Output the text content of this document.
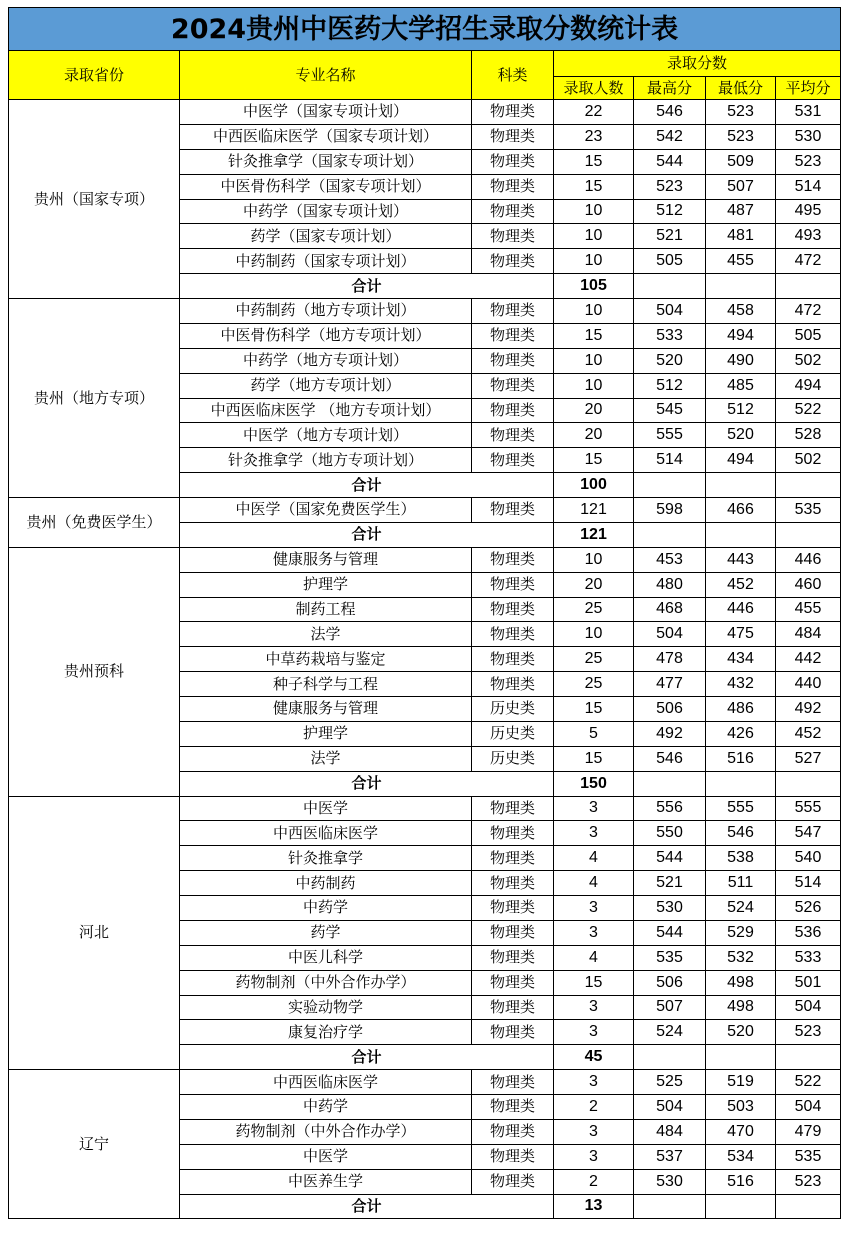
2024贵州中医药大学招生录取分数统计表						
录取省份	专业名称	科类	录取分数			
			录取人数	最高分	最低分	平均分
贵州（国家专项）	中医学（国家专项计划）	物理类	22	546	523	531
	中西医临床医学（国家专项计划）	物理类	23	542	523	530
	针灸推拿学（国家专项计划）	物理类	15	544	509	523
	中医骨伤科学（国家专项计划）	物理类	15	523	507	514
	中药学（国家专项计划）	物理类	10	512	487	495
	药学（国家专项计划）	物理类	10	521	481	493
	中药制药（国家专项计划）	物理类	10	505	455	472
	合计		105			
贵州（地方专项）	中药制药（地方专项计划）	物理类	10	504	458	472
	中医骨伤科学（地方专项计划）	物理类	15	533	494	505
	中药学（地方专项计划）	物理类	10	520	490	502
	药学（地方专项计划）	物理类	10	512	485	494
	中西医临床医学 （地方专项计划）	物理类	20	545	512	522
	中医学（地方专项计划）	物理类	20	555	520	528
	针灸推拿学（地方专项计划）	物理类	15	514	494	502
	合计		100			
贵州（免费医学生）	中医学（国家免费医学生）	物理类	121	598	466	535
	合计		121			
贵州预科	健康服务与管理	物理类	10	453	443	446
	护理学	物理类	20	480	452	460
	制药工程	物理类	25	468	446	455
	法学	物理类	10	504	475	484
	中草药栽培与鉴定	物理类	25	478	434	442
	种子科学与工程	物理类	25	477	432	440
	健康服务与管理	历史类	15	506	486	492
	护理学	历史类	5	492	426	452
	法学	历史类	15	546	516	527
	合计		150			
河北	中医学	物理类	3	556	555	555
	中西医临床医学	物理类	3	550	546	547
	针灸推拿学	物理类	4	544	538	540
	中药制药	物理类	4	521	511	514
	中药学	物理类	3	530	524	526
	药学	物理类	3	544	529	536
	中医儿科学	物理类	4	535	532	533
	药物制剂（中外合作办学）	物理类	15	506	498	501
	实验动物学	物理类	3	507	498	504
	康复治疗学	物理类	3	524	520	523
	合计		45			
辽宁	中西医临床医学	物理类	3	525	519	522
	中药学	物理类	2	504	503	504
	药物制剂（中外合作办学）	物理类	3	484	470	479
	中医学	物理类	3	537	534	535
	中医养生学	物理类	2	530	516	523
	合计		13			
